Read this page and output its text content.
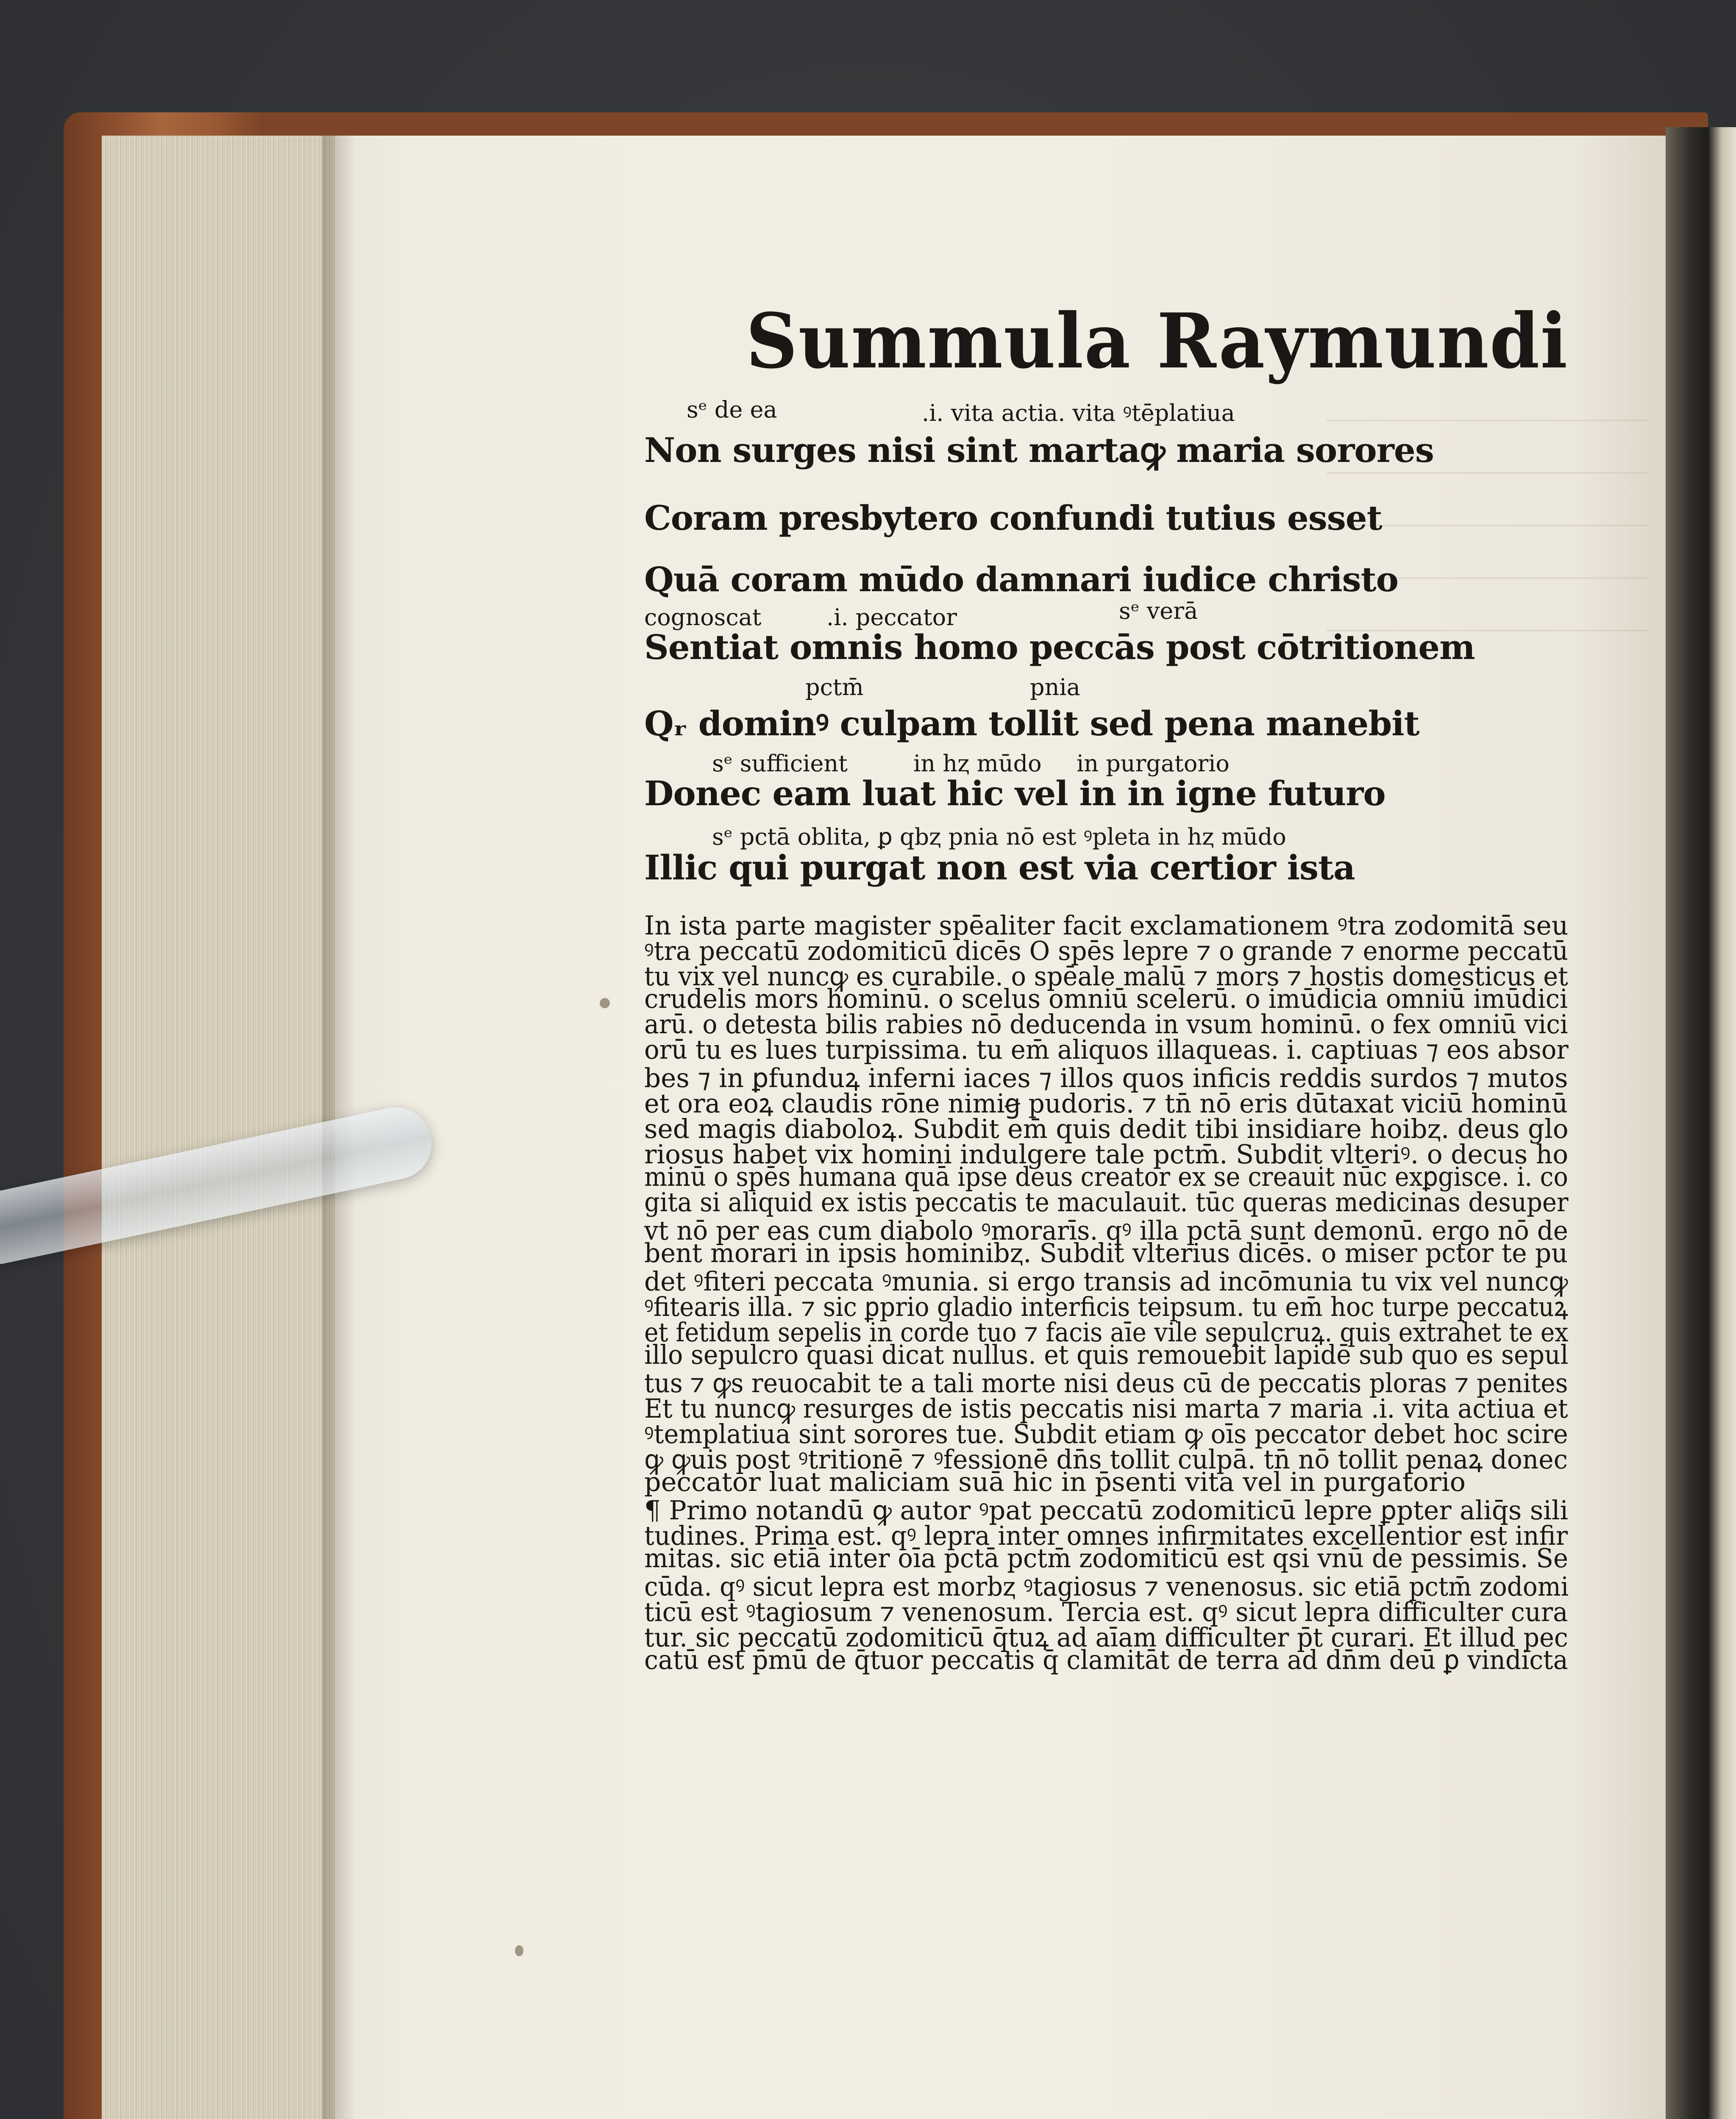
Summula Raymundi
sᵉ de ea	.i. vita actia. vita ꝰtēplatiua
Non surges nisi sint martaꝙ maria sorores
Coram presbytero confundi tutius esset
Quā coram mūdo damnari iudice christo
cognoscat	.i. peccator	sᵉ verā
Sentiat omnis homo peccās post cōtritionem
pctm̄	pnia
Qᵣ dominꝰ culpam tollit sed pena manebit
sᵉ sufficient	in hⱬ mūdo in purgatorio
Donec eam luat hic vel in in igne futuro
sᵉ pctā oblita, ꝑ qbⱬ pnia nō est ꝰpleta in hⱬ mūdo
Illic qui purgat non est via certior ista
In ista parte magister spēaliter facit exclamationem ꝰtra zodomitā seu
ꝰtra peccatū zodomiticū dicēs O spēs lepre ⁊ o grande ⁊ enorme peccatū
tu vix vel nuncꝙ es curabile. o spēale malū ⁊ mors ⁊ hostis domesticus et
crudelis mors hominū. o scelus omniū scelerū. o imūdicia omniū imūdici
arū. o detesta bilis rabies nō deducenda in vsum hominū. o fex omniū vici
orū tu es lues turpissima. tu em̄ aliquos illaqueas. i. captiuas ⁊ eos absor
bes ⁊ in ꝑfunduꝝ inferni iaces ⁊ illos quos inficis reddis surdos ⁊ mutos
et ora eoꝝ claudis rōne nimiꞡ pudoris. ⁊ tn̄ nō eris dūtaxat viciū hominū
sed magis diaboloꝝ. Subdit em̄ quis dedit tibi insidiare hoibⱬ. deus glo
riosus habet vix homini indulgere tale pctm̄. Subdit vlteriꝰ. o decus ho
minū o spēs humana quā ipse deus creator ex se creauit nūc exꝑgisce. i. co
gita si aliquid ex istis peccatis te maculauit. tūc queras medicinas desuper
vt nō per eas cum diabolo ꝰmorarīs. qꝰ illa pctā sunt demonū. ergo nō de
bent morari in ipsis hominibⱬ. Subdit vlterius dicēs. o miser pctor te pu
det ꝰfiteri peccata ꝰmunia. si ergo transis ad incōmunia tu vix vel nuncꝙ
ꝰfitearis illa. ⁊ sic ꝑprio gladio interficis teipsum. tu em̄ hoc turpe peccatuꝝ
et fetidum sepelis in corde tuo ⁊ facis aīe vile sepulcruꝝ. quis extrahet te ex
illo sepulcro quasi dicat nullus. et quis remouebit lapidē sub quo es sepul
tus ⁊ ꝙs reuocabit te a tali morte nisi deus cū de peccatis ploras ⁊ penites
Et tu nuncꝙ resurges de istis peccatis nisi marta ⁊ maria .i. vita actiua et
ꝰtemplatiua sint sorores tue. Subdit etiam ꝙ oīs peccator debet hoc scire
ꝙ ꝙuis post ꝰtritionē ⁊ ꝰfessionē dn̄s tollit culpā. tn̄ nō tollit penaꝝ donec
peccator luat maliciam suā hic in p̄senti vita vel in purgatorio
¶ Primo notandū ꝙ autor ꝰpat peccatū zodomiticū lepre ꝑpter aliq̄s sili
tudines. Prima est. qꝰ lepra inter omnes infirmitates excellentior est infir
mitas. sic etiā inter oīa pctā pctm̄ zodomiticū est qsi vnū de pessimis. Se
cūda. qꝰ sicut lepra est morbⱬ ꝰtagiosus ⁊ venenosus. sic etiā pctm̄ zodomi
ticū est ꝰtagiosum ⁊ venenosum. Tercia est. qꝰ sicut lepra difficulter cura
tur. sic peccatū zodomiticū q̄tuꝝ ad aīam difficulter p̄t curari. Et illud pec
catū est p̄mū de q̄tuor peccatis q̄ clamitāt de terra ad dn̄m deū ꝑ vindicta
